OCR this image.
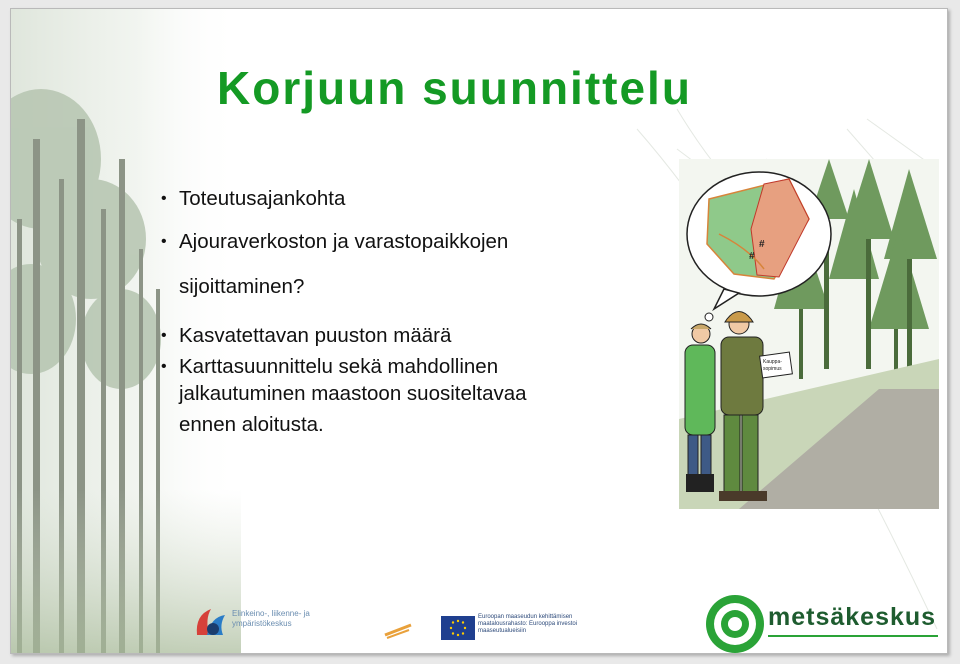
Korjuun suunnittelu
• Toteutusajankohta
• Ajouraverkoston ja varastopaikkojen
sijoittaminen?
• Kasvatettavan puuston määrä
• Karttasuunnittelu sekä mahdollinen
jalkautuminen maastoon suositeltavaa
ennen aloitusta.
#
#
Kauppa-
sopimus
Elinkeino-, liikenne- ja ympäristökeskus
Euroopan maaseudun kehittämisen maatalousrahasto: Eurooppa investoi maaseutualueisiin	metsäkeskus
